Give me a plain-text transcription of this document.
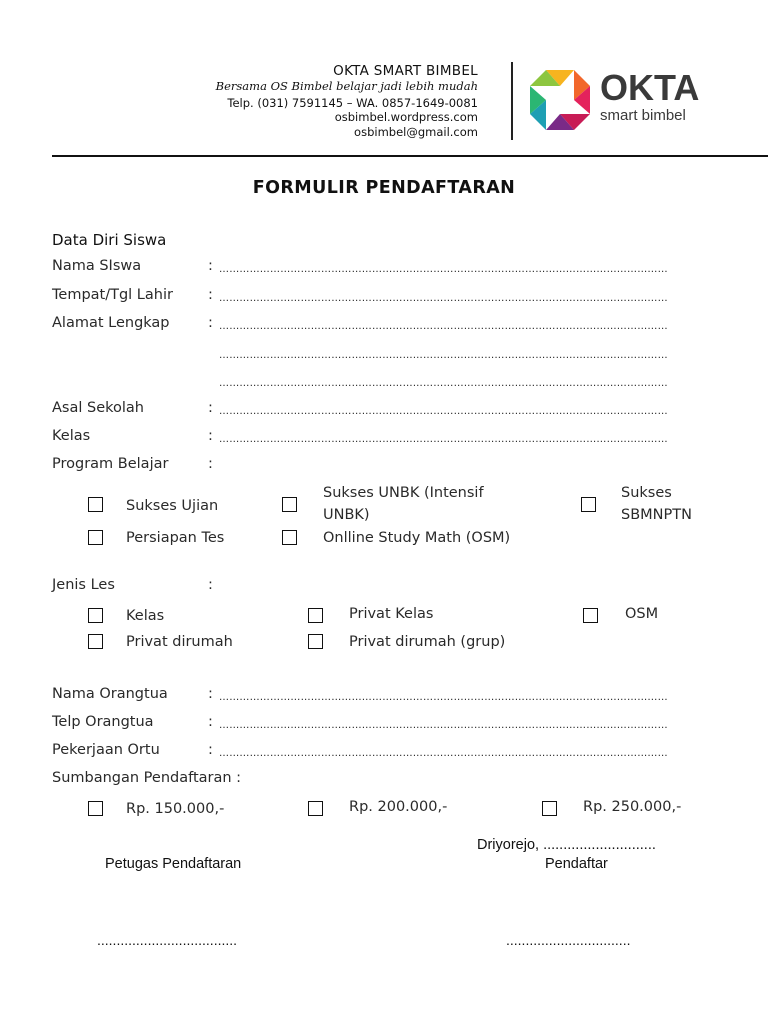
OKTA SMART BIMBEL
Bersama OS Bimbel belajar jadi lebih mudah
Telp. (031) 7591145 – WA. 0857-1649-0081
osbimbel.wordpress.com
osbimbel@gmail.com
OKTA
smart bimbel
FORMULIR PENDAFTARAN
Data Diri Siswa
Nama SIswa	: ……………………………………………………………………………………………………………………
Tempat/Tgl Lahir : ……………………………………………………………………………………………………………………
Alamat Lengkap	: ……………………………………………………………………………………………………………………
……………………………………………………………………………………………………………………
……………………………………………………………………………………………………………………
Asal Sekolah	: ……………………………………………………………………………………………………………………
Kelas	: ……………………………………………………………………………………………………………………
Program Belajar	:
Sukses Ujian
Persiapan Tes
Sukses UNBK (Intensif
UNBK)
Onlline Study Math (OSM)
Sukses
SBMNPTN
Jenis Les	:
Kelas
Privat dirumah
Privat Kelas
Privat dirumah (grup)
OSM
Nama Orangtua	: ……………………………………………………………………………………………………………………
Telp Orangtua	: ……………………………………………………………………………………………………………………
Pekerjaan Ortu	: ……………………………………………………………………………………………………………………
Sumbangan Pendaftaran :
Rp. 150.000,-	Rp. 200.000,-	Rp. 250.000,-
Driyorejo, ............................
Petugas Pendaftaran	Pendaftar
....................................	................................
